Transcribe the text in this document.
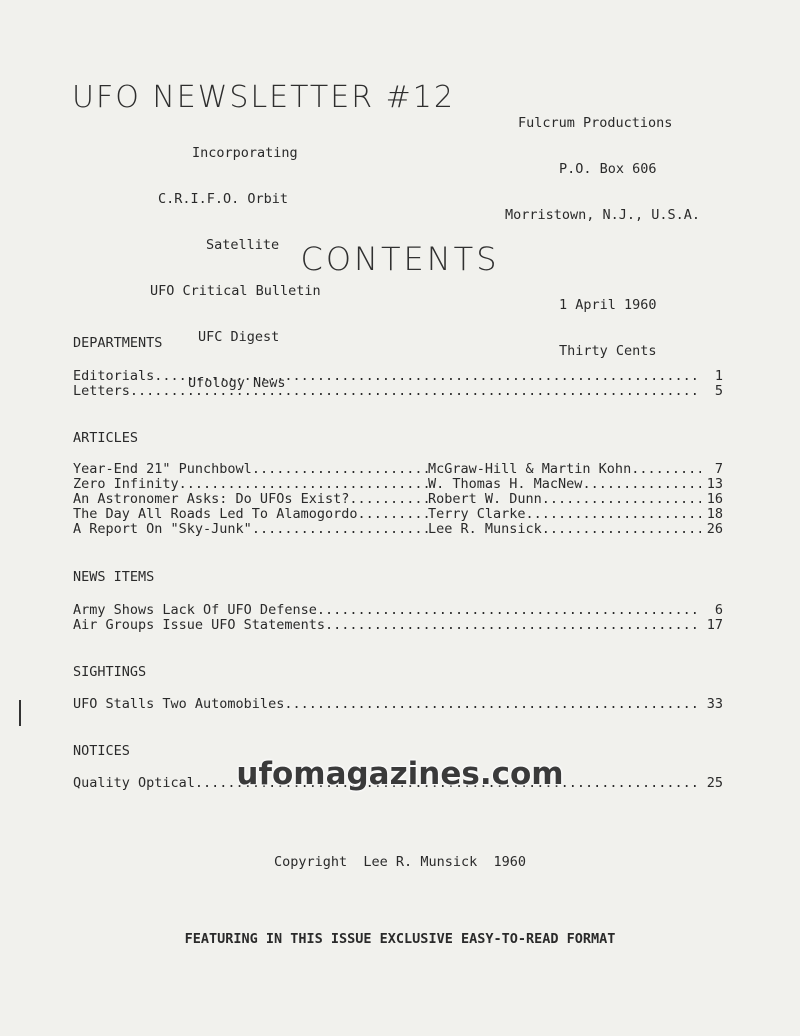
UFO NEWSLETTER #12

Incorporating

C.R.I.F.O. Orbit

Satellite

UFO Critical Bulletin

UFC Digest

Ufology News

Fulcrum Productions

P.O. Box 606

Morristown, N.J., U.S.A.

1 April 1960

Thirty Cents

CONTENTS
DEPARTMENTS
Editorials .....	1
Letters .....	5
ARTICLES
Year-End 21" Punchbowl .....	McGraw-Hill & Martin Kohn .....	7
Zero Infinity .....	W. Thomas H. MacNew .....	13
An Astronomer Asks: Do UFOs Exist? .....	Robert W. Dunn .....	16
The Day All Roads Led To Alamogordo .....	Terry Clarke .....	18
A Report On "Sky-Junk" .....	Lee R. Munsick .....	26
NEWS ITEMS
Army Shows Lack Of UFO Defense .....	6
Air Groups Issue UFO Statements .....	17
SIGHTINGS
UFO Stalls Two Automobiles .....	33
NOTICES
Quality Optical .....	25
ufomagazines.com
Copyright  Lee R. Munsick  1960
FEATURING IN THIS ISSUE EXCLUSIVE EASY-TO-READ FORMAT
